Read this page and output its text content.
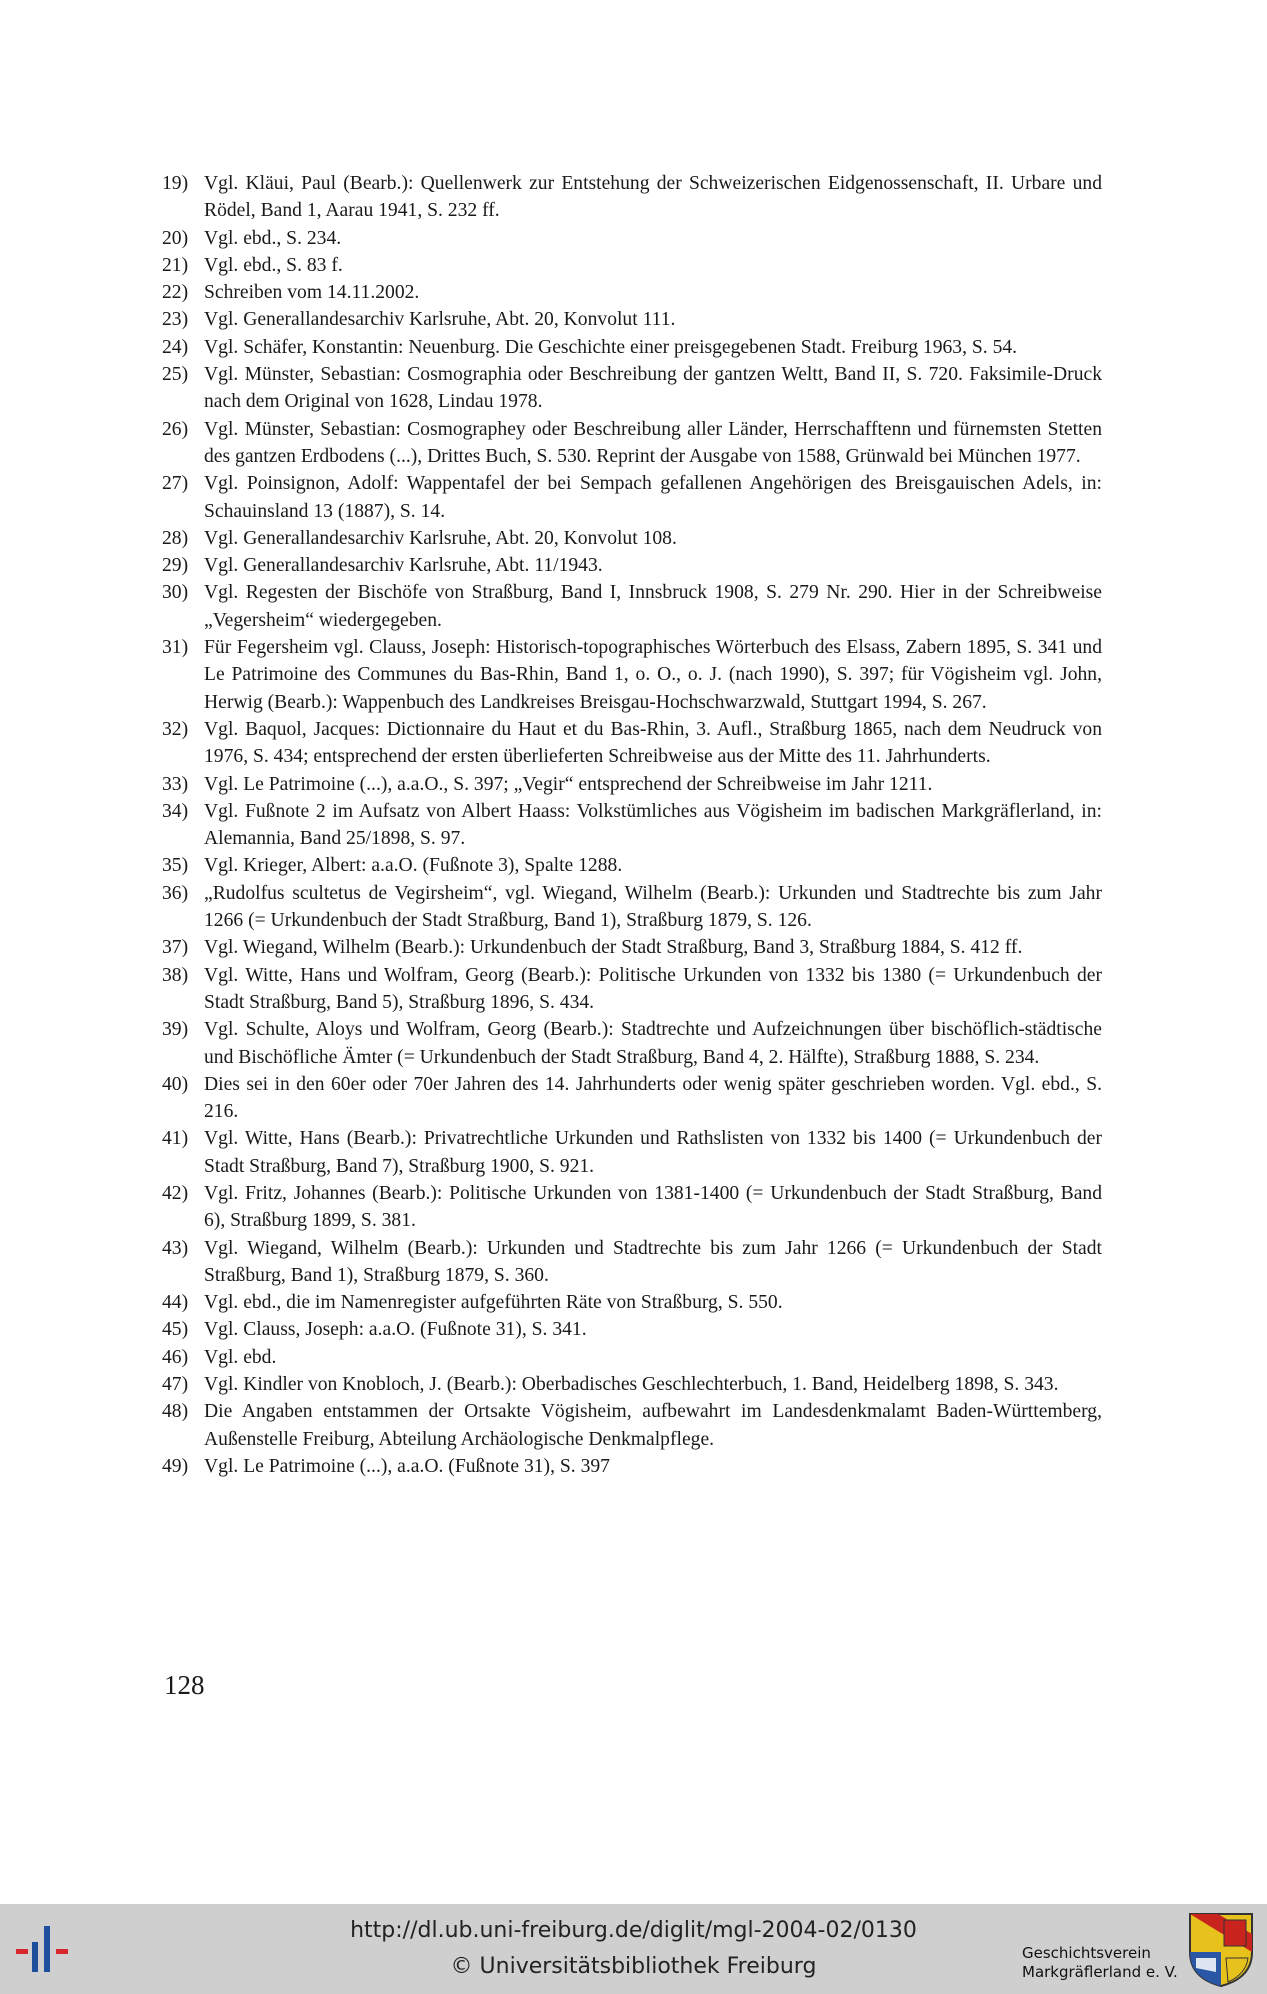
19) Vgl. Kläui, Paul (Bearb.): Quellenwerk zur Entstehung der Schweizerischen Eidgenossenschaft, II. Urbare und Rödel, Band 1, Aarau 1941, S. 232 ff.
20) Vgl. ebd., S. 234.
21) Vgl. ebd., S. 83 f.
22) Schreiben vom 14.11.2002.
23) Vgl. Generallandesarchiv Karlsruhe, Abt. 20, Konvolut 111.
24) Vgl. Schäfer, Konstantin: Neuenburg. Die Geschichte einer preisgegebenen Stadt. Freiburg 1963, S. 54.
25) Vgl. Münster, Sebastian: Cosmographia oder Beschreibung der gantzen Weltt, Band II, S. 720. Faksimile-Druck nach dem Original von 1628, Lindau 1978.
26) Vgl. Münster, Sebastian: Cosmographey oder Beschreibung aller Länder, Herrschafftenn und fürnemsten Stetten des gantzen Erdbodens (...), Drittes Buch, S. 530. Reprint der Ausgabe von 1588, Grünwald bei München 1977.
27) Vgl. Poinsignon, Adolf: Wappentafel der bei Sempach gefallenen Angehörigen des Breisgauischen Adels, in: Schauinsland 13 (1887), S. 14.
28) Vgl. Generallandesarchiv Karlsruhe, Abt. 20, Konvolut 108.
29) Vgl. Generallandesarchiv Karlsruhe, Abt. 11/1943.
30) Vgl. Regesten der Bischöfe von Straßburg, Band I, Innsbruck 1908, S. 279 Nr. 290. Hier in der Schreibweise „Vegersheim“ wiedergegeben.
31) Für Fegersheim vgl. Clauss, Joseph: Historisch-topographisches Wörterbuch des Elsass, Zabern 1895, S. 341 und Le Patrimoine des Communes du Bas-Rhin, Band 1, o. O., o. J. (nach 1990), S. 397; für Vögisheim vgl. John, Herwig (Bearb.): Wappenbuch des Landkreises Breisgau-Hochschwarzwald, Stuttgart 1994, S. 267.
32) Vgl. Baquol, Jacques: Dictionnaire du Haut et du Bas-Rhin, 3. Aufl., Straßburg 1865, nach dem Neudruck von 1976, S. 434; entsprechend der ersten überlieferten Schreibweise aus der Mitte des 11. Jahrhunderts.
33) Vgl. Le Patrimoine (...), a.a.O., S. 397; „Vegir“ entsprechend der Schreibweise im Jahr 1211.
34) Vgl. Fußnote 2 im Aufsatz von Albert Haass: Volkstümliches aus Vögisheim im badischen Markgräflerland, in: Alemannia, Band 25/1898, S. 97.
35) Vgl. Krieger, Albert: a.a.O. (Fußnote 3), Spalte 1288.
36) „Rudolfus scultetus de Vegirsheim“, vgl. Wiegand, Wilhelm (Bearb.): Urkunden und Stadtrechte bis zum Jahr 1266 (= Urkundenbuch der Stadt Straßburg, Band 1), Straßburg 1879, S. 126.
37) Vgl. Wiegand, Wilhelm (Bearb.): Urkundenbuch der Stadt Straßburg, Band 3, Straßburg 1884, S. 412 ff.
38) Vgl. Witte, Hans und Wolfram, Georg (Bearb.): Politische Urkunden von 1332 bis 1380 (= Urkundenbuch der Stadt Straßburg, Band 5), Straßburg 1896, S. 434.
39) Vgl. Schulte, Aloys und Wolfram, Georg (Bearb.): Stadtrechte und Aufzeichnungen über bischöflich-städtische und Bischöfliche Ämter (= Urkundenbuch der Stadt Straßburg, Band 4, 2. Hälfte), Straßburg 1888, S. 234.
40) Dies sei in den 60er oder 70er Jahren des 14. Jahrhunderts oder wenig später geschrieben worden. Vgl. ebd., S. 216.
41) Vgl. Witte, Hans (Bearb.): Privatrechtliche Urkunden und Rathslisten von 1332 bis 1400 (= Urkundenbuch der Stadt Straßburg, Band 7), Straßburg 1900, S. 921.
42) Vgl. Fritz, Johannes (Bearb.): Politische Urkunden von 1381-1400 (= Urkundenbuch der Stadt Straßburg, Band 6), Straßburg 1899, S. 381.
43) Vgl. Wiegand, Wilhelm (Bearb.): Urkunden und Stadtrechte bis zum Jahr 1266 (= Urkundenbuch der Stadt Straßburg, Band 1), Straßburg 1879, S. 360.
44) Vgl. ebd., die im Namenregister aufgeführten Räte von Straßburg, S. 550.
45) Vgl. Clauss, Joseph: a.a.O. (Fußnote 31), S. 341.
46) Vgl. ebd.
47) Vgl. Kindler von Knobloch, J. (Bearb.): Oberbadisches Geschlechterbuch, 1. Band, Heidelberg 1898, S. 343.
48) Die Angaben entstammen der Ortsakte Vögisheim, aufbewahrt im Landesdenkmalamt Baden-Württemberg, Außenstelle Freiburg, Abteilung Archäologische Denkmalpflege.
49) Vgl. Le Patrimoine (...), a.a.O. (Fußnote 31), S. 397
128
http://dl.ub.uni-freiburg.de/diglit/mgl-2004-02/0130
© Universitätsbibliothek Freiburg
Geschichtsverein
Markgräflerland e. V.
